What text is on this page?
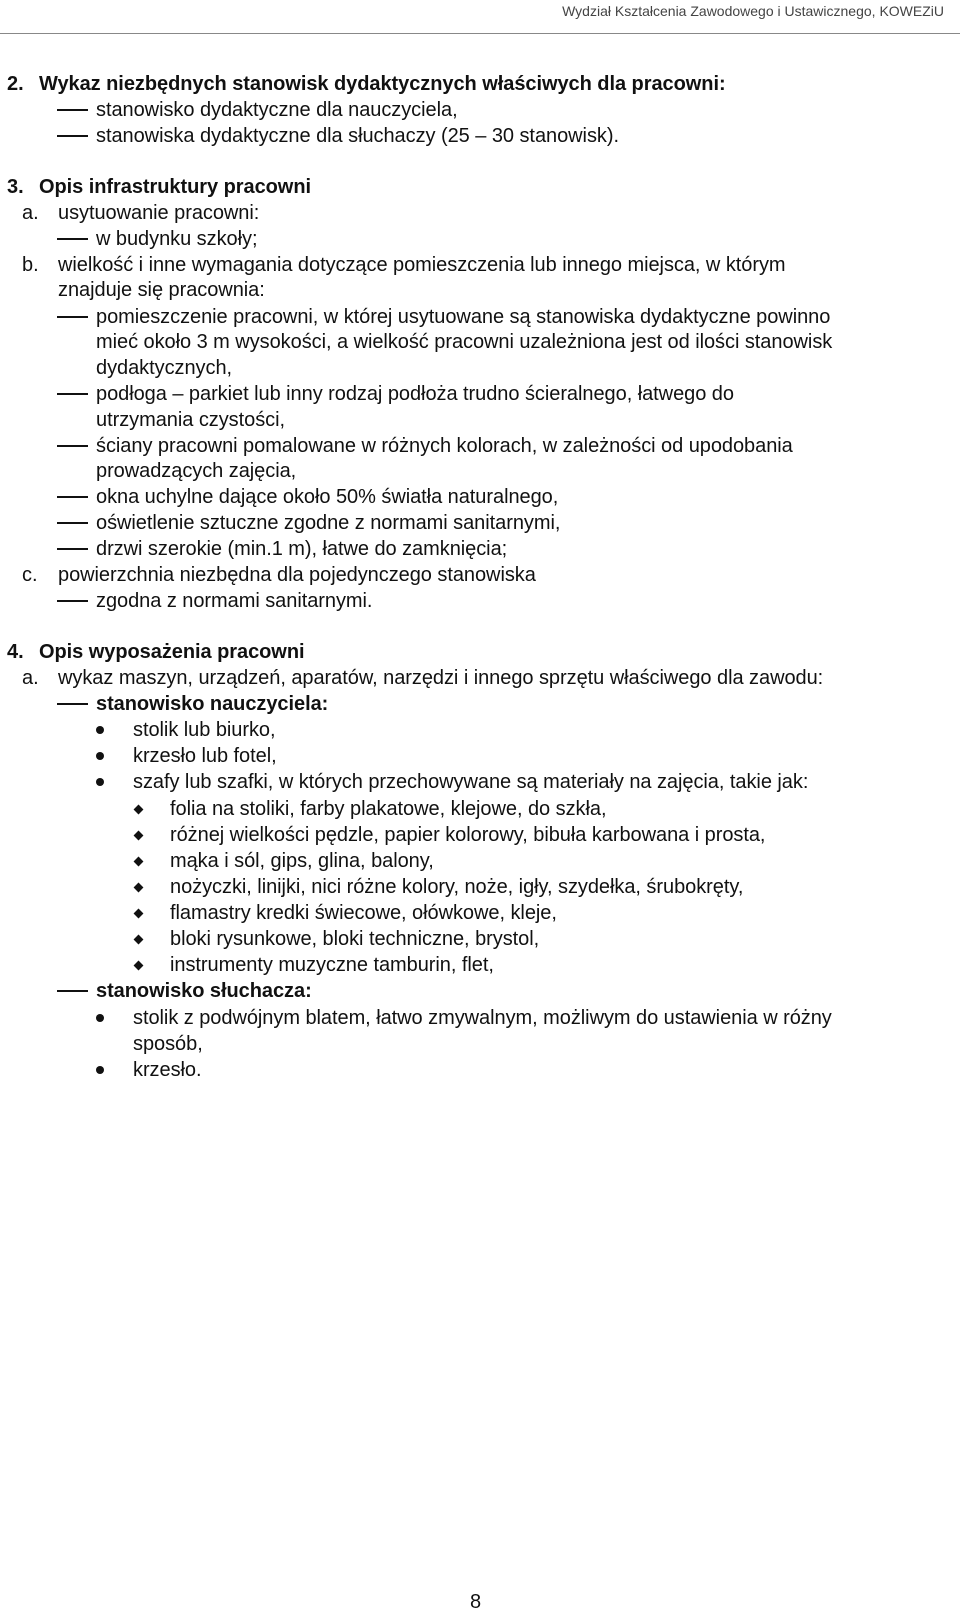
Wydział Kształcenia Zawodowego i Ustawicznego, KOWEZiU
2. Wykaz niezbędnych stanowisk dydaktycznych właściwych dla pracowni:
stanowisko dydaktyczne dla nauczyciela,
stanowiska dydaktyczne dla słuchaczy (25 – 30 stanowisk).
3. Opis infrastruktury pracowni
a. usytuowanie pracowni:
w budynku szkoły;
b. wielkość i inne wymagania dotyczące pomieszczenia lub innego miejsca, w którym
znajduje się pracownia:
pomieszczenie pracowni, w której usytuowane są stanowiska dydaktyczne powinno
mieć około 3 m wysokości, a wielkość pracowni uzależniona jest od ilości stanowisk
dydaktycznych,
podłoga – parkiet lub inny rodzaj podłoża trudno ścieralnego, łatwego do
utrzymania czystości,
ściany pracowni pomalowane w różnych kolorach, w zależności od upodobania
prowadzących zajęcia,
okna uchylne dające około 50% światła naturalnego,
oświetlenie sztuczne zgodne z normami sanitarnymi,
drzwi szerokie (min.1 m), łatwe do zamknięcia;
c. powierzchnia niezbędna dla pojedynczego stanowiska
zgodna z normami sanitarnymi.
4. Opis wyposażenia pracowni
a. wykaz maszyn, urządzeń, aparatów, narzędzi i innego sprzętu właściwego dla zawodu:
stanowisko nauczyciela:
stolik lub biurko,
krzesło lub fotel,
szafy lub szafki, w których przechowywane są materiały na zajęcia, takie jak:
folia na stoliki, farby plakatowe, klejowe, do szkła,
różnej wielkości pędzle, papier kolorowy, bibuła karbowana i prosta,
mąka i sól, gips, glina, balony,
nożyczki, linijki, nici różne kolory, noże, igły, szydełka, śrubokręty,
flamastry kredki świecowe, ołówkowe, kleje,
bloki rysunkowe, bloki techniczne, brystol,
instrumenty muzyczne tamburin, flet,
stanowisko słuchacza:
stolik z podwójnym blatem, łatwo zmywalnym, możliwym do ustawienia w różny
sposób,
krzesło.
8
